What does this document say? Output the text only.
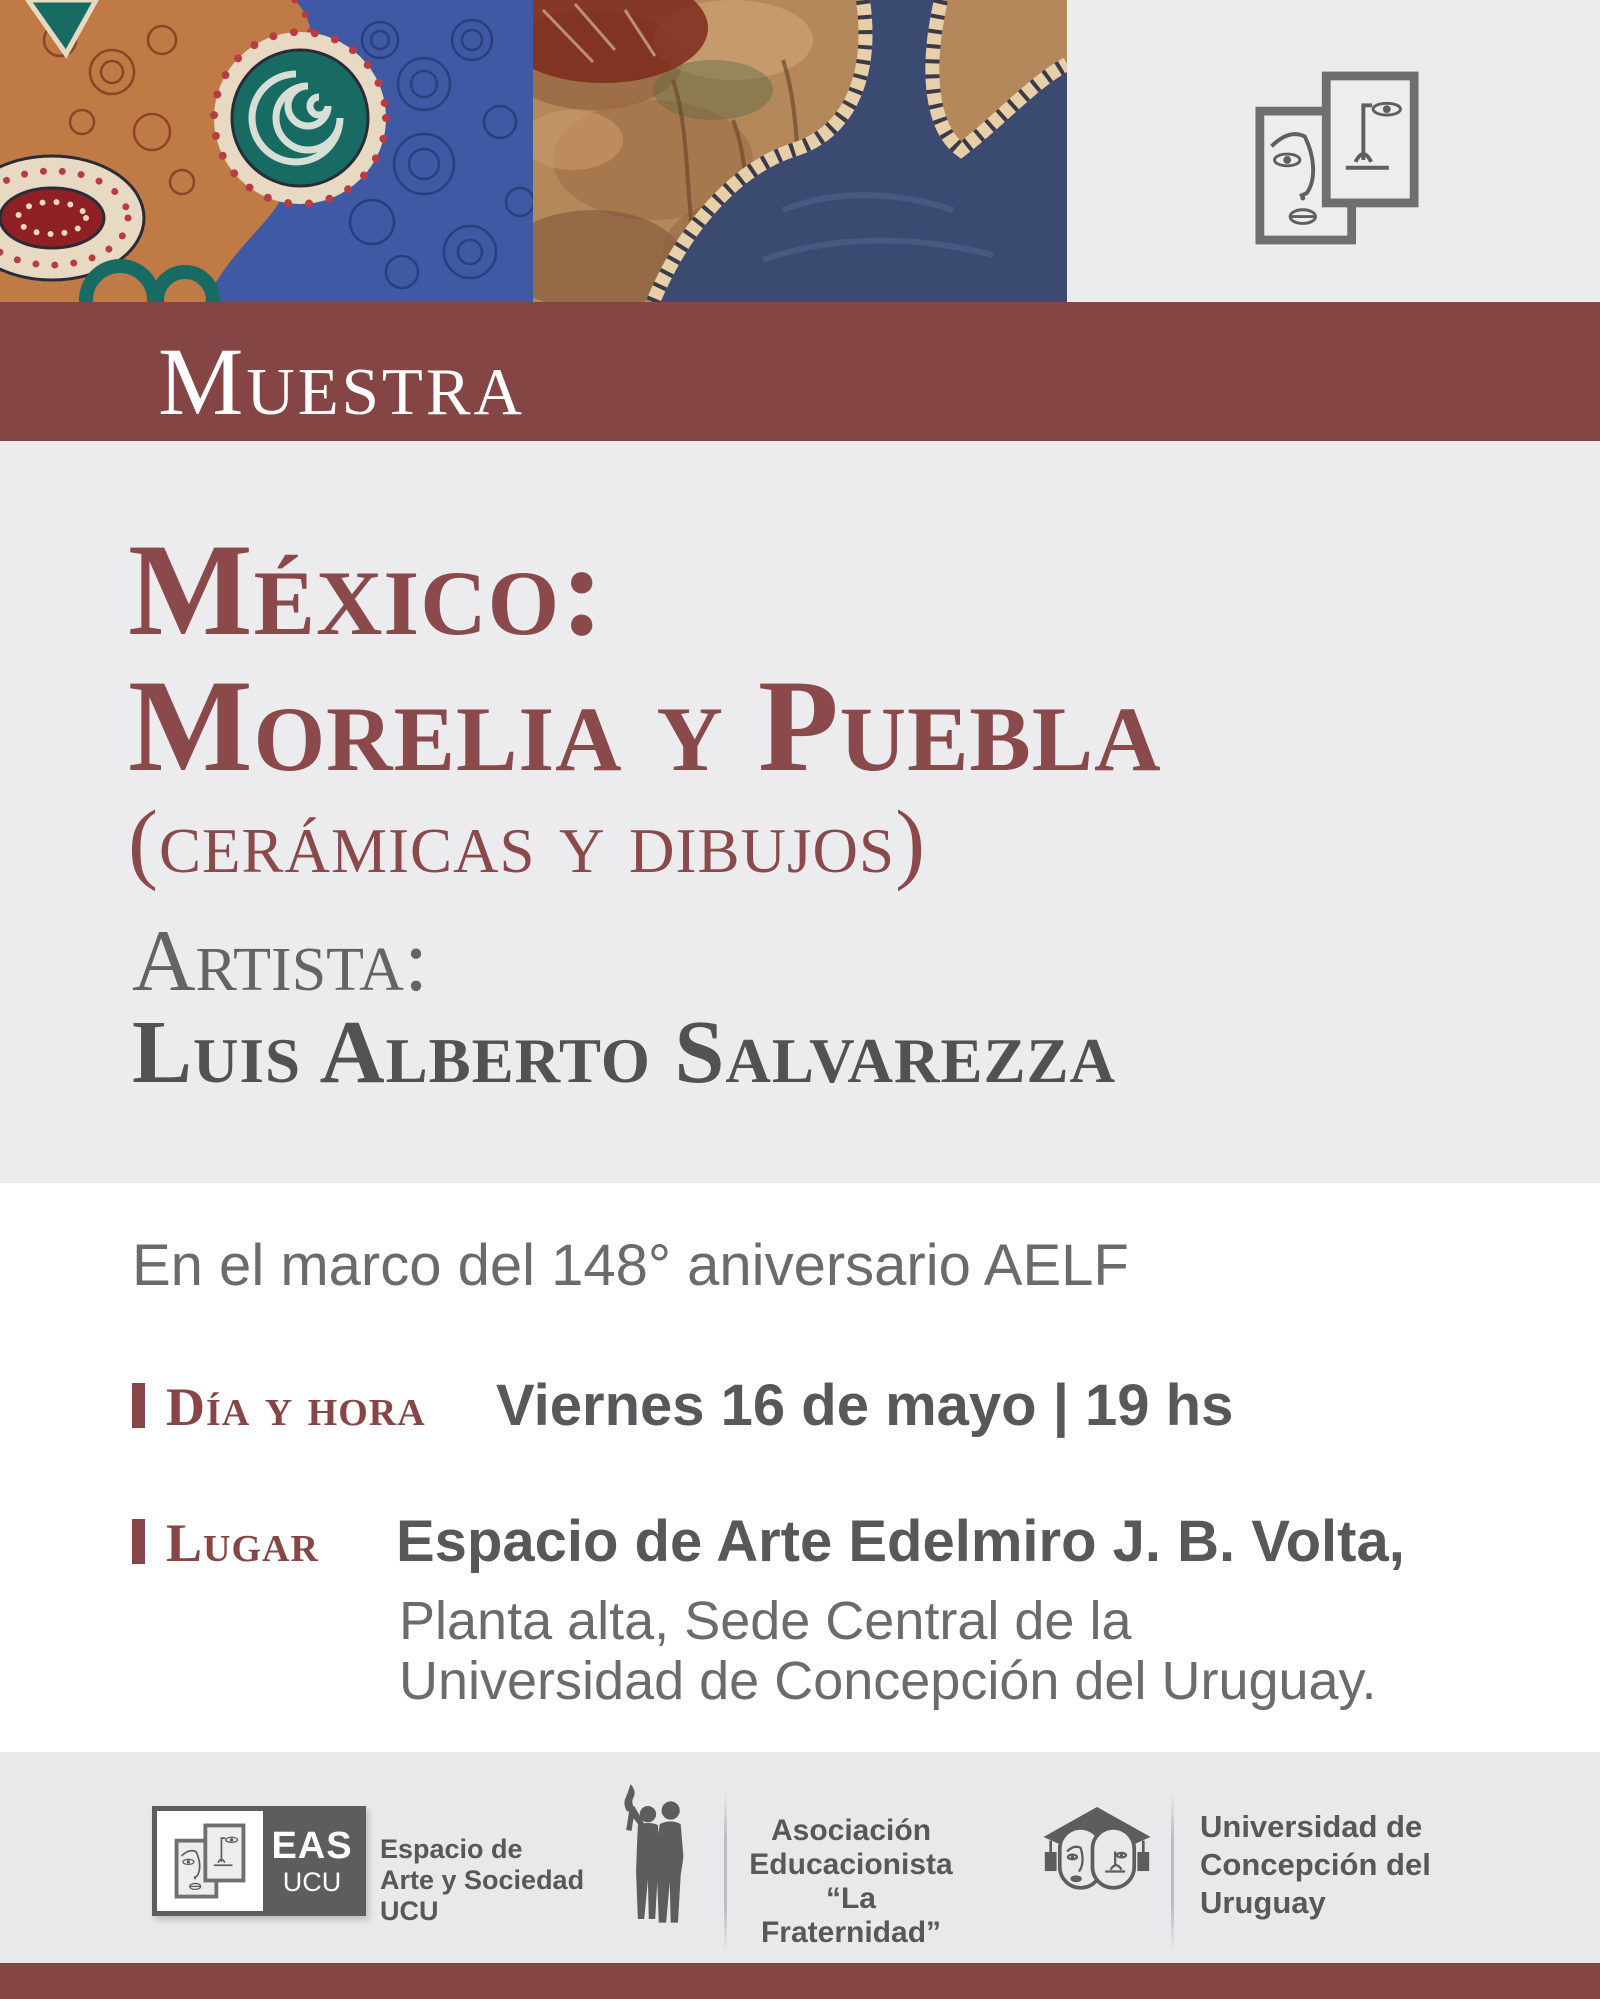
Muestra
México:
Morelia y Puebla
(cerámicas y dibujos)
Artista:
Luis Alberto Salvarezza
En el marco del 148° aniversario AELF
Día y hora	Viernes 16 de mayo | 19 hs
Lugar	Espacio de Arte Edelmiro J. B. Volta,
Planta alta, Sede Central de la
Universidad de Concepción del Uruguay.
EAS
UCU
Espacio de
Arte y Sociedad
UCU
Asociación
Educacionista
“La Fraternidad”
Universidad de
Concepción del
Uruguay
